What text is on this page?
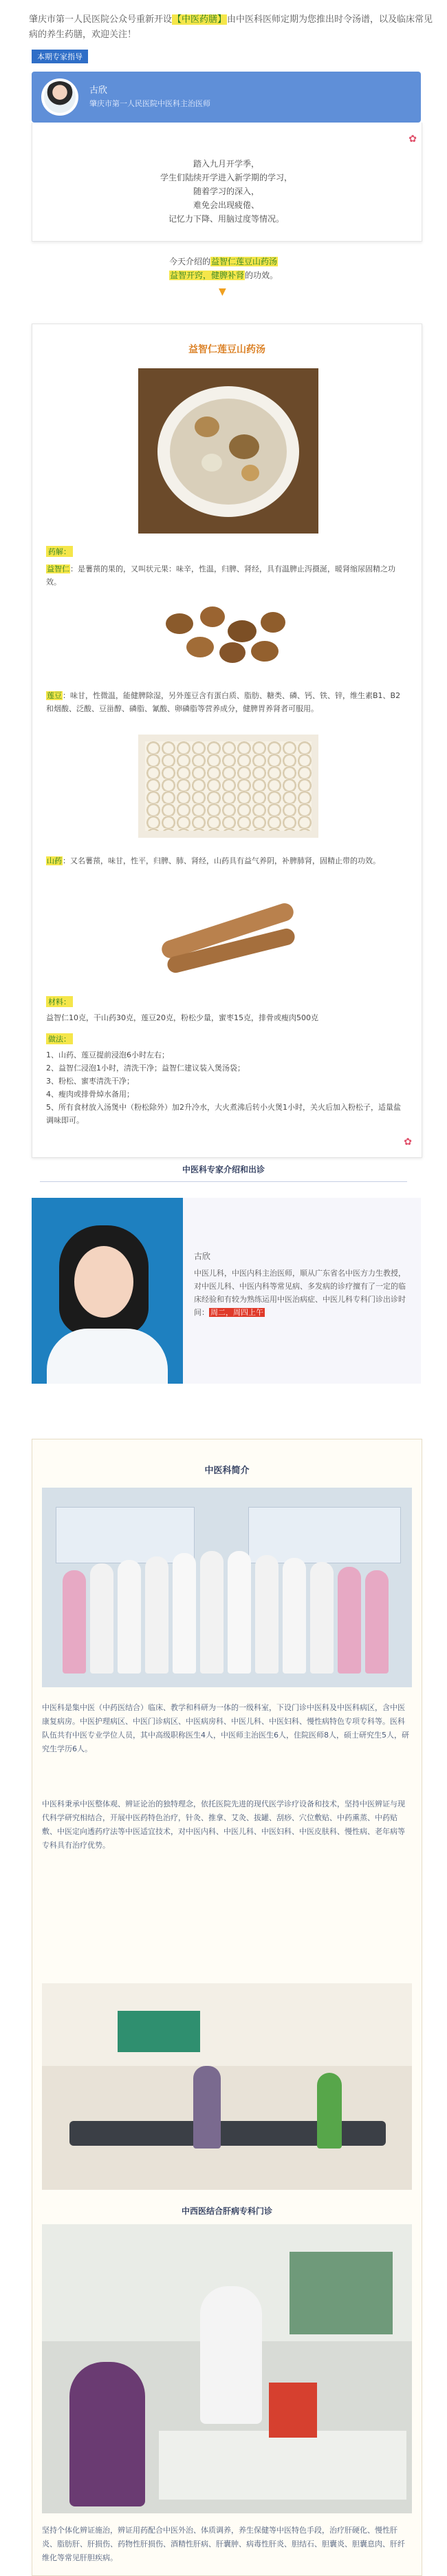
肇庆市第一人民医院公众号重新开设【中医药膳】由中医科医师定期为您推出时令汤谱，以及临床常见病的养生药膳，欢迎关注！
本期专家指导
古欣
肇庆市第一人民医院中医科主治医师
✿
踏入九月开学季，
学生们陆续开学进入新学期的学习，
随着学习的深入，
难免会出现疲倦、
记忆力下降、用脑过度等情况。
今天介绍的益智仁莲豆山药汤
益智开窍，健脾补肾的功效。
▼
益智仁莲豆山药汤
药解：
益智仁：是薯蓣的果的，又叫状元果：味辛，性温，归脾、肾经，具有温脾止泻摄涎，暖肾缩尿固精之功效。
莲豆：味甘，性微温，能健脾除湿，另外莲豆含有蛋白质、脂肪、糖类、磷、钙、铁、锌，维生素B1、B2和烟酸、泛酸、豆甾醇、磷脂、氰酸、卵磷脂等营养成分，健脾胃养肾者可服用。
山药：又名薯蓣，味甘，性平，归脾、肺、肾经，山药具有益气养阴，补脾肺肾，固精止带的功效。
材料：
益智仁10克，干山药30克，莲豆20克，粉松少量，蜜枣15克，排骨或瘦肉500克
做法：
1、山药、莲豆提前浸泡6小时左右；
2、益智仁浸泡1小时，清洗干净；益智仁建议装入煲汤袋；
3、粉松、蜜枣清洗干净；
4、瘦肉或排骨焯水备用；
5、所有食材放入汤煲中（粉松除外）加2升冷水，大火煮沸后转小火煲1小时，关火后加入粉松子，适量盐调味即可。
✿
中医科专家介绍和出诊
古欣
中医儿科，中医内科主治医师，顺从广东省名中医方力生教授，对中医儿科、中医内科等常见病、多发病的诊疗擅有了一定的临床经验和有较为熟练运用中医治病症、中医儿科专科门诊出诊时间： 周二，周四上午
中医科简介
中医科是集中医（中药医结合）临床、教学和科研为一体的一级科室，下设门诊中医科及中医科病区，含中医康复病房。中医护理病区、中医门诊病区、中医病房科、中医儿科、中医妇科、慢性病特色专项专科等。医科队伍共有中医专业学位人员，其中高级职称医生4人，中医师主治医生6人，住院医师8人，硕士研究生5人，研究生学历6人。
中医科秉承中医整体观、辨证论治的独特理念，依托医院先进的现代医学诊疗设备和技术，坚持中医辨证与现代科学研究相结合，开展中医药特色治疗，针灸、推拿、艾灸、拔罐、刮痧、穴位敷贴、中药熏蒸、中药贴敷、中医定向透药疗法等中医适宜技术，对中医内科、中医儿科、中医妇科、中医皮肤科、慢性病、老年病等专科具有治疗优势。
中西医结合肝病专科门诊
坚持个体化辨证施治，辨证用药配合中医外治、体质调养，养生保健等中医特色手段，治疗肝硬化、慢性肝炎、脂肪肝、肝损伤、药物性肝损伤、酒精性肝病、肝囊肿、病毒性肝炎、胆结石、胆囊炎、胆囊息肉、肝纤维化等常见肝胆疾病。
